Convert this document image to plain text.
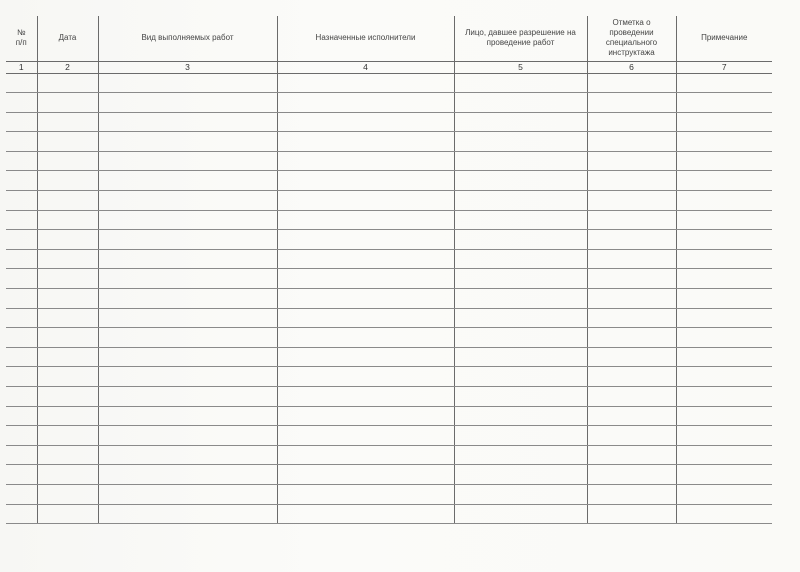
№
п/п	Дата	Вид выполняемых работ	Назначенные исполнители	Лицо, давшее разрешение на проведение работ	Отметка о проведении специального инструктажа	Примечание

1	2	3	4	5	6	7
